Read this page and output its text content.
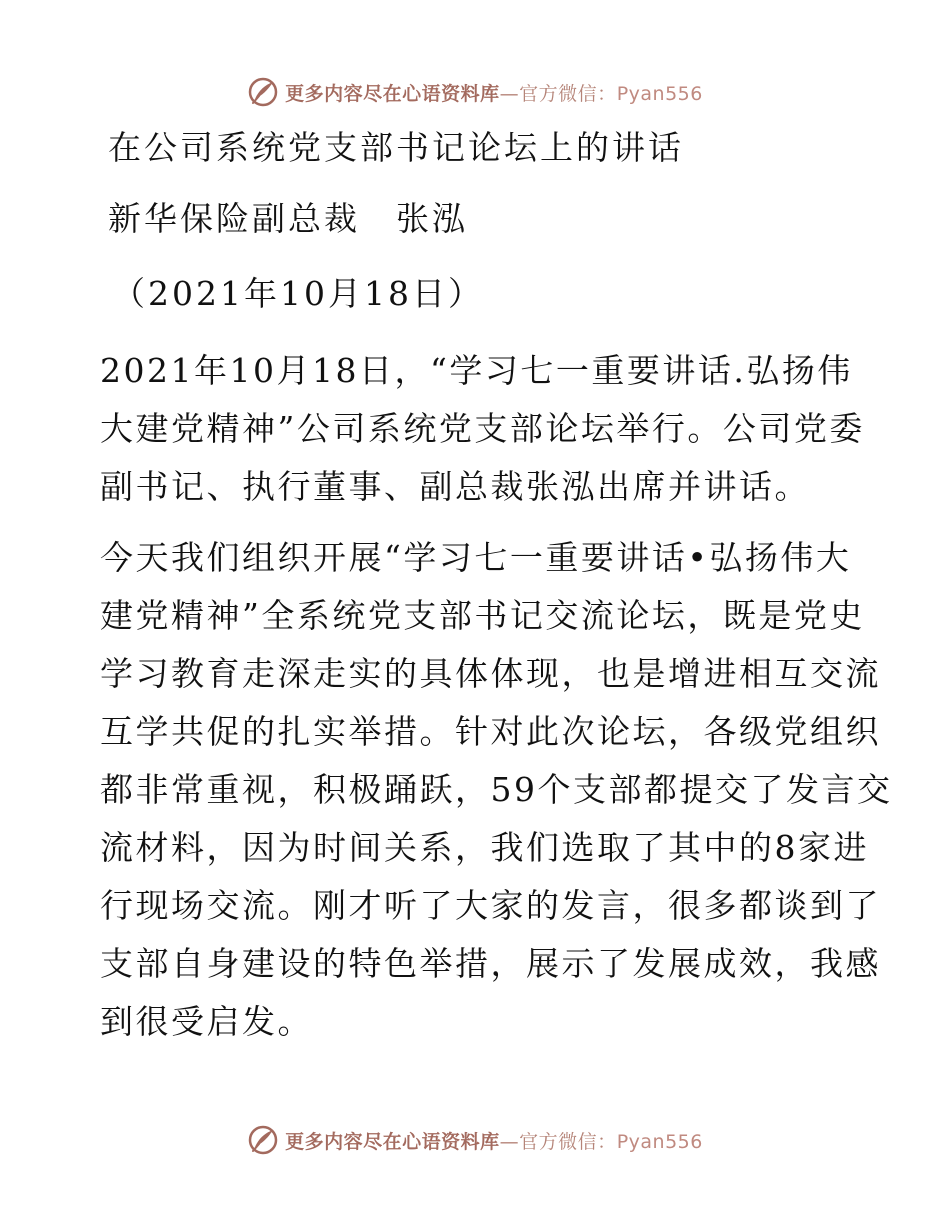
更多内容尽在心语资料库—官方微信：Pyan556
在公司系统党支部书记论坛上的讲话
新华保险副总裁　张泓
（2021年10月18日）

2021年10月18日，“学习七一重要讲话.弘扬伟

大建党精神”公司系统党支部论坛举行。公司党委

副书记、执行董事、副总裁张泓出席并讲话。

今天我们组织开展“学习七一重要讲话•弘扬伟大

建党精神”全系统党支部书记交流论坛，既是党史

学习教育走深走实的具体体现，也是增进相互交流

互学共促的扎实举措。针对此次论坛，各级党组织

都非常重视，积极踊跃，59个支部都提交了发言交

流材料，因为时间关系，我们选取了其中的8家进

行现场交流。刚才听了大家的发言，很多都谈到了

支部自身建设的特色举措，展示了发展成效，我感

到很受启发。

更多内容尽在心语资料库—官方微信：Pyan556
